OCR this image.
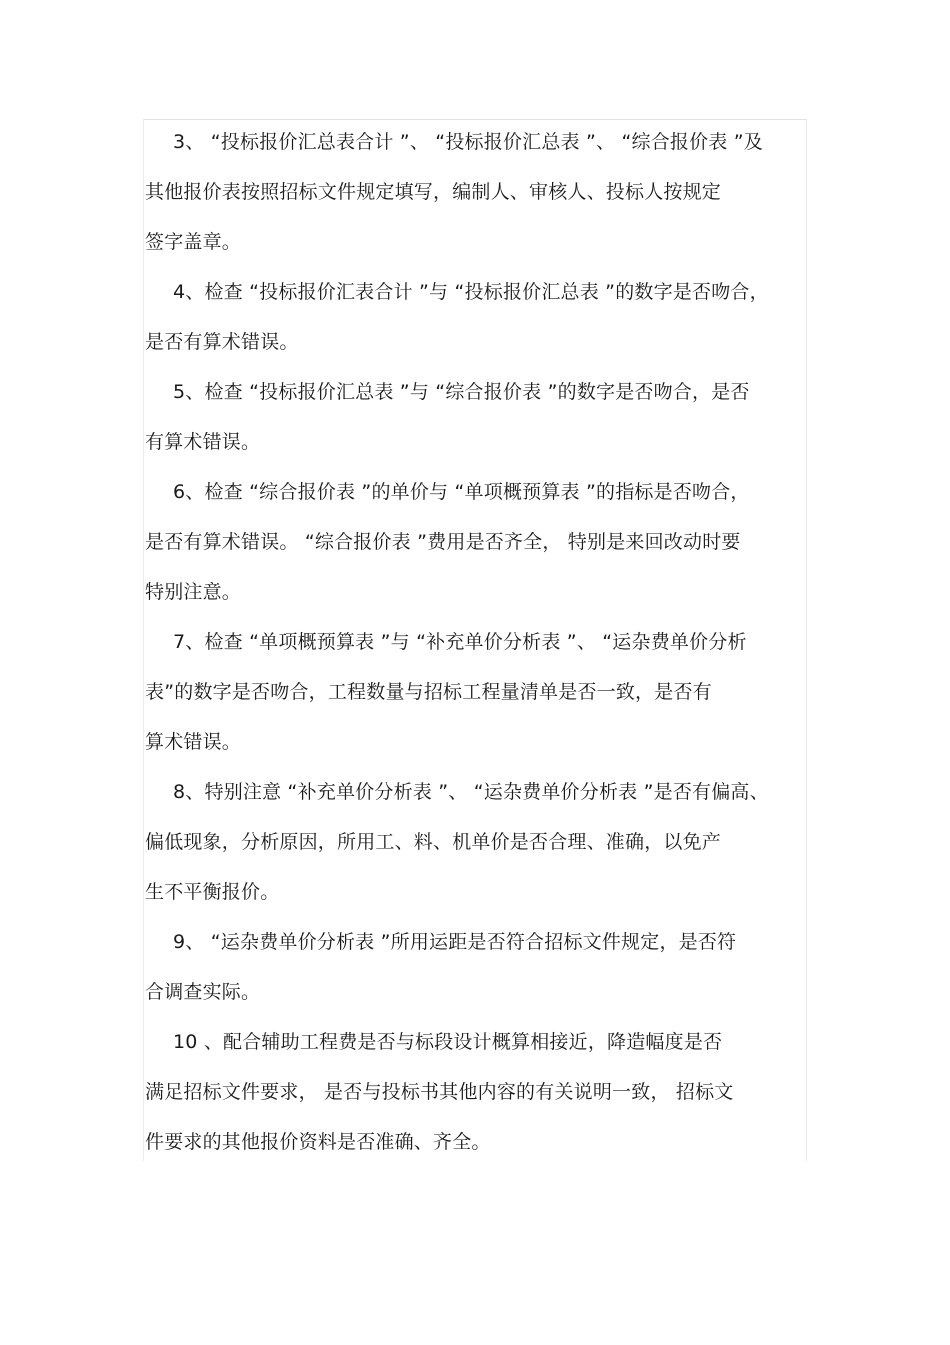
3、 “投标报价汇总表合计 ”、 “投标报价汇总表 ”、 “综合报价表 ”及
其他报价表按照招标文件规定填写，编制人、审核人、投标人按规定
签字盖章。

4、检查 “投标报价汇表合计 ”与 “投标报价汇总表 ”的数字是否吻合，
是否有算术错误。

5、检查 “投标报价汇总表 ”与 “综合报价表 ”的数字是否吻合，是否
有算术错误。

6、检查 “综合报价表 ”的单价与 “单项概预算表 ”的指标是否吻合，
是否有算术错误。 “综合报价表 ”费用是否齐全， 特别是来回改动时要
特别注意。

7、检查 “单项概预算表 ”与 “补充单价分析表 ”、 “运杂费单价分析
表”的数字是否吻合，工程数量与招标工程量清单是否一致，是否有
算术错误。

8、特别注意 “补充单价分析表 ”、 “运杂费单价分析表 ”是否有偏高、
偏低现象，分析原因，所用工、料、机单价是否合理、准确，以免产
生不平衡报价。

9、 “运杂费单价分析表 ”所用运距是否符合招标文件规定，是否符
合调查实际。

10 、配合辅助工程费是否与标段设计概算相接近，降造幅度是否
满足招标文件要求， 是否与投标书其他内容的有关说明一致， 招标文
件要求的其他报价资料是否准确、齐全。
